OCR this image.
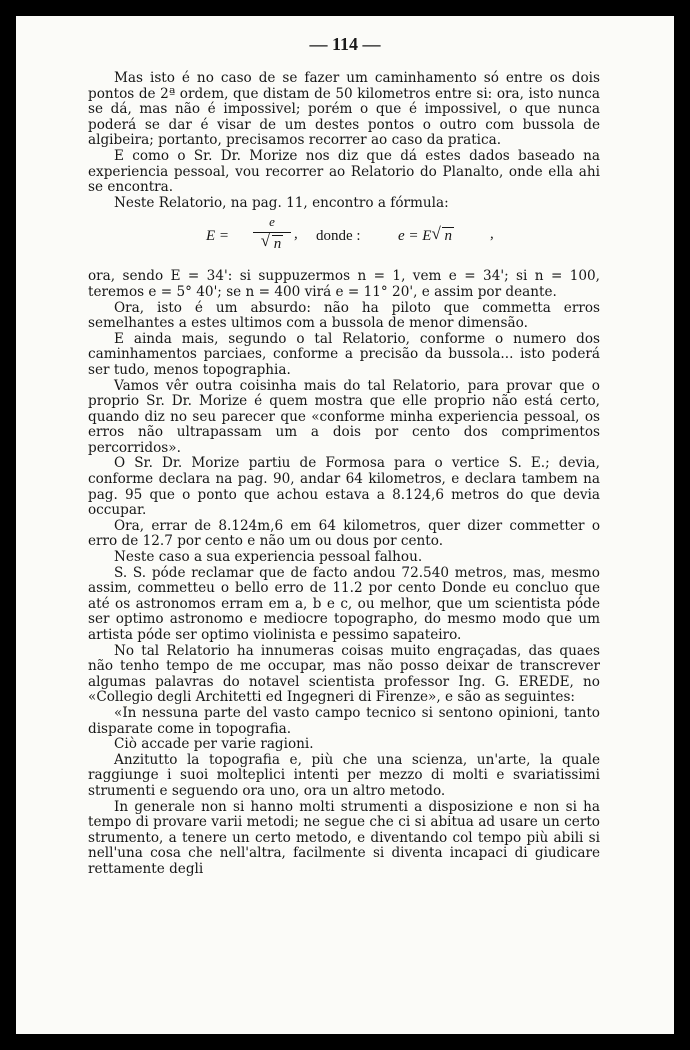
— 114 —

Mas isto é no caso de se fazer um caminhamento só entre os dois pontos de 2ª ordem, que distam de 50 kilometros entre si: ora, isto nunca se dá, mas não é impossivel; porém o que é impossivel, o que nunca poderá se dar é visar de um destes pontos o outro com bussola de algibeira; portanto, precisamos recorrer ao caso da pratica.

E como o Sr. Dr. Morize nos diz que dá estes dados baseado na experiencia pessoal, vou recorrer ao Relatorio do Planalto, onde ella ahi se encontra.

Neste Relatorio, na pag. 11, encontro a fórmula:

E =
e
√ n
, donde : e = E √ n	,

ora, sendo E = 34': si suppuzermos n = 1, vem e = 34'; si n = 100, teremos e = 5° 40'; se n = 400 virá e = 11° 20', e assim por deante.

Ora, isto é um absurdo: não ha piloto que commetta erros semelhantes a estes ultimos com a bussola de menor dimensão.

E ainda mais, segundo o tal Relatorio, conforme o numero dos caminhamentos parciaes, conforme a precisão da bussola... isto poderá ser tudo, menos topographia.

Vamos vêr outra coisinha mais do tal Relatorio, para provar que o proprio Sr. Dr. Morize é quem mostra que elle proprio não está certo, quando diz no seu parecer que «conforme minha experiencia pessoal, os erros não ultrapassam um a dois por cento dos comprimentos percorridos».

O Sr. Dr. Morize partiu de Formosa para o vertice S. E.; devia, conforme declara na pag. 90, andar 64 kilometros, e declara tambem na pag. 95 que o ponto que achou estava a 8.124,6 metros do que devia occupar.

Ora, errar de 8.124m,6 em 64 kilometros, quer dizer commetter o erro de 12.7 por cento e não um ou dous por cento.

Neste caso a sua experiencia pessoal falhou.

S. S. póde reclamar que de facto andou 72.540 metros, mas, mesmo assim, commetteu o bello erro de 11.2 por cento Donde eu concluo que até os astronomos erram em a, b e c, ou melhor, que um scientista póde ser optimo astronomo e mediocre topographo, do mesmo modo que um artista póde ser optimo violinista e pessimo sapateiro.

No tal Relatorio ha innumeras coisas muito engraçadas, das quaes não tenho tempo de me occupar, mas não posso deixar de transcrever algumas palavras do notavel scientista professor Ing. G. EREDE, no «Collegio degli Architetti ed Ingegneri di Firenze», e são as seguintes:

«In nessuna parte del vasto campo tecnico si sentono opinioni, tanto disparate come in topografia.

Ciò accade per varie ragioni.

Anzitutto la topografia e, più che una scienza, un'arte, la quale raggiunge i suoi molteplici intenti per mezzo di molti e svariatissimi strumenti e seguendo ora uno, ora un altro metodo.

In generale non si hanno molti strumenti a disposizione e non si ha tempo di provare varii metodi; ne segue che ci si abitua ad usare un certo strumento, a tenere un certo metodo, e diventando col tempo più abili si nell'una cosa che nell'altra, facilmente si diventa incapaci di giudicare rettamente degli
